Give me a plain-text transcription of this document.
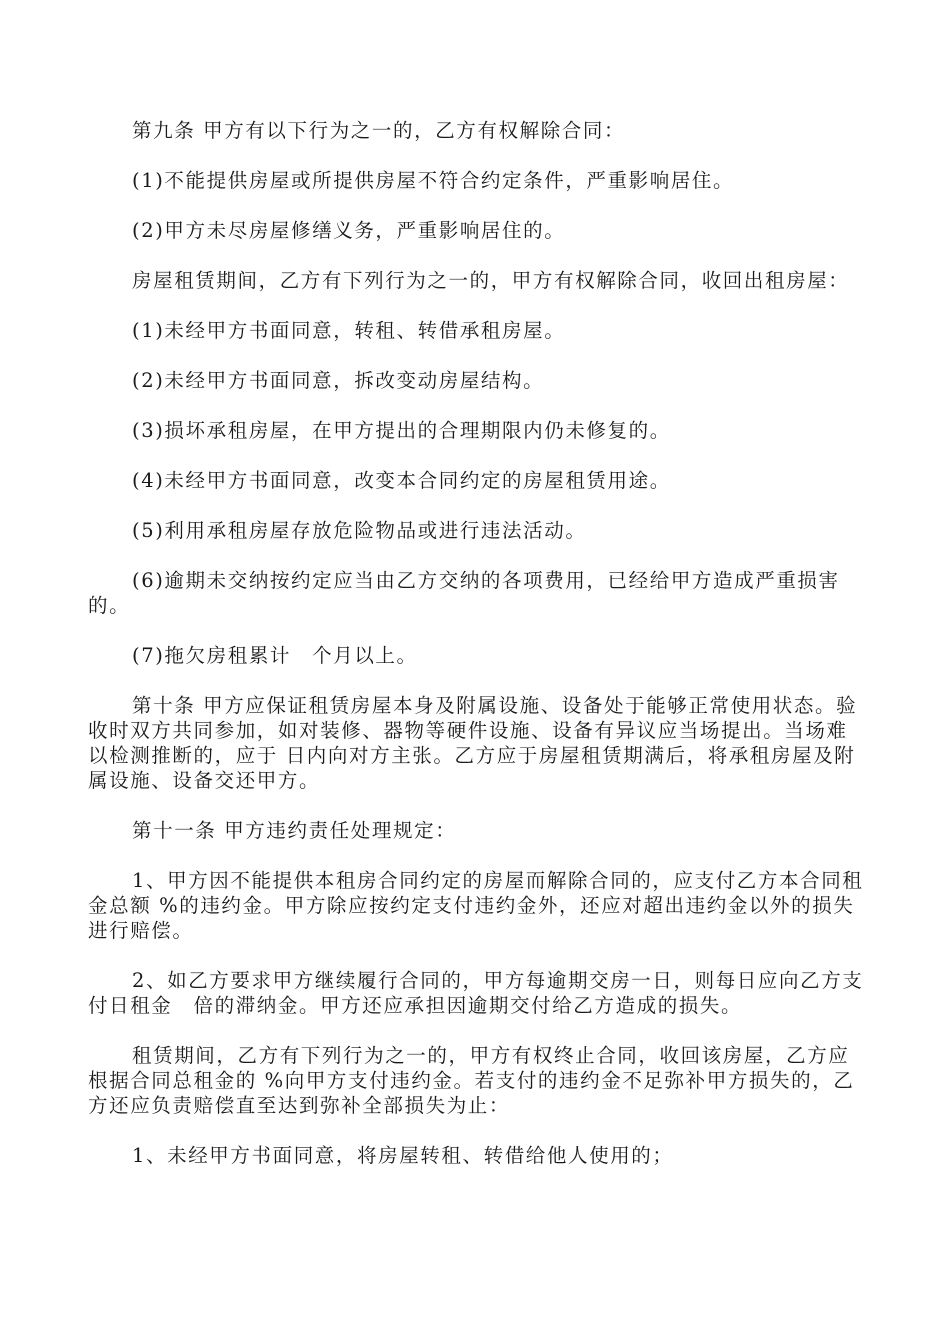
第九条 甲方有以下行为之一的，乙方有权解除合同：

(1)不能提供房屋或所提供房屋不符合约定条件，严重影响居住。

(2)甲方未尽房屋修缮义务，严重影响居住的。

房屋租赁期间，乙方有下列行为之一的，甲方有权解除合同，收回出租房屋：

(1)未经甲方书面同意，转租、转借承租房屋。

(2)未经甲方书面同意，拆改变动房屋结构。

(3)损坏承租房屋，在甲方提出的合理期限内仍未修复的。

(4)未经甲方书面同意，改变本合同约定的房屋租赁用途。

(5)利用承租房屋存放危险物品或进行违法活动。

(6)逾期未交纳按约定应当由乙方交纳的各项费用，已经给甲方造成严重损害的。

(7)拖欠房租累计　个月以上。

第十条 甲方应保证租赁房屋本身及附属设施、设备处于能够正常使用状态。验收时双方共同参加，如对装修、器物等硬件设施、设备有异议应当场提出。当场难以检测推断的，应于 日内向对方主张。乙方应于房屋租赁期满后，将承租房屋及附属设施、设备交还甲方。

第十一条 甲方违约责任处理规定：

1、甲方因不能提供本租房合同约定的房屋而解除合同的，应支付乙方本合同租金总额 %的违约金。甲方除应按约定支付违约金外，还应对超出违约金以外的损失进行赔偿。

2、如乙方要求甲方继续履行合同的，甲方每逾期交房一日，则每日应向乙方支付日租金　倍的滞纳金。甲方还应承担因逾期交付给乙方造成的损失。

租赁期间，乙方有下列行为之一的，甲方有权终止合同，收回该房屋，乙方应根据合同总租金的 %向甲方支付违约金。若支付的违约金不足弥补甲方损失的，乙方还应负责赔偿直至达到弥补全部损失为止：

1、未经甲方书面同意，将房屋转租、转借给他人使用的；
